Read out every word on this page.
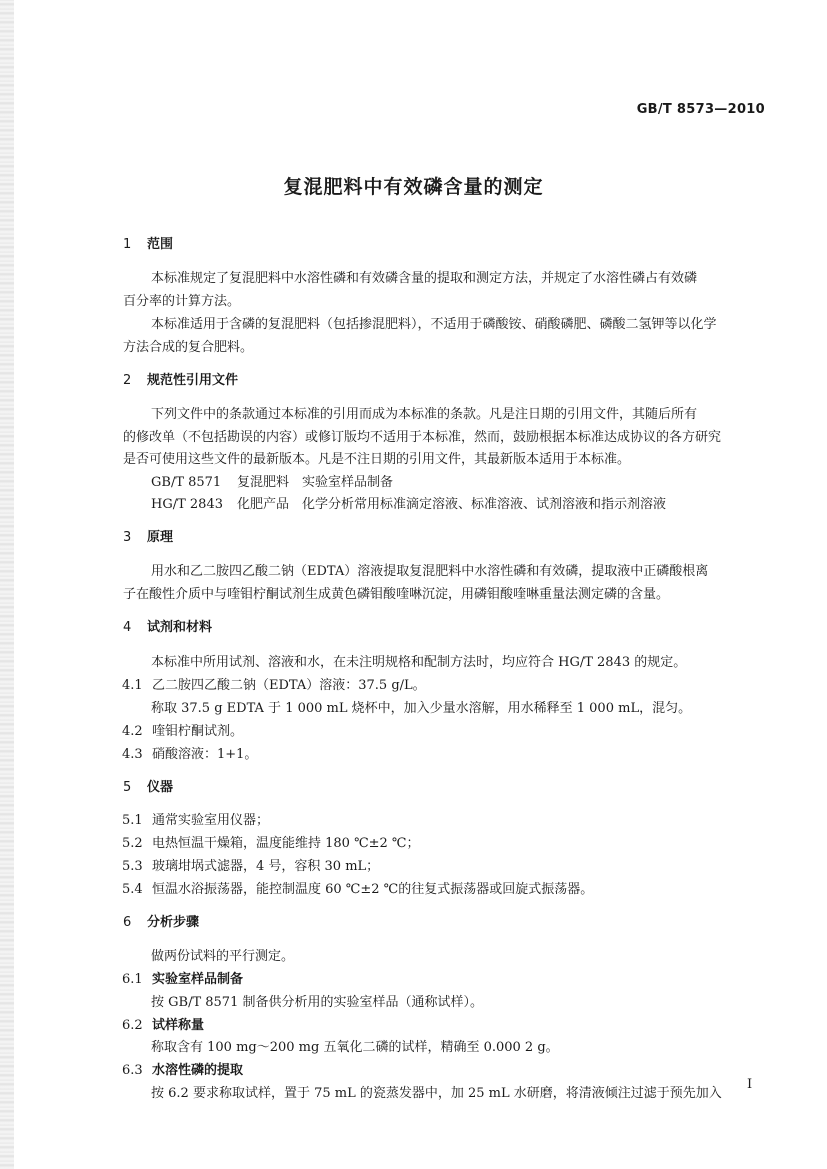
GB/T 8573—2010
复混肥料中有效磷含量的测定
1 范围
本标准规定了复混肥料中水溶性磷和有效磷含量的提取和测定方法，并规定了水溶性磷占有效磷
百分率的计算方法。
本标准适用于含磷的复混肥料（包括掺混肥料），不适用于磷酸铵、硝酸磷肥、磷酸二氢钾等以化学
方法合成的复合肥料。
2 规范性引用文件
下列文件中的条款通过本标准的引用而成为本标准的条款。凡是注日期的引用文件，其随后所有
的修改单（不包括勘误的内容）或修订版均不适用于本标准，然而，鼓励根据本标准达成协议的各方研究
是否可使用这些文件的最新版本。凡是不注日期的引用文件，其最新版本适用于本标准。
GB/T 8571 复混肥料　实验室样品制备
HG/T 2843 化肥产品　化学分析常用标准滴定溶液、标准溶液、试剂溶液和指示剂溶液
3 原理
用水和乙二胺四乙酸二钠（EDTA）溶液提取复混肥料中水溶性磷和有效磷，提取液中正磷酸根离
子在酸性介质中与喹钼柠酮试剂生成黄色磷钼酸喹啉沉淀，用磷钼酸喹啉重量法测定磷的含量。
4 试剂和材料
本标准中所用试剂、溶液和水，在未注明规格和配制方法时，均应符合 HG/T 2843 的规定。
4.1 乙二胺四乙酸二钠（EDTA）溶液：37.5 g/L。
称取 37.5 g EDTA 于 1 000 mL 烧杯中，加入少量水溶解，用水稀释至 1 000 mL，混匀。
4.2 喹钼柠酮试剂。
4.3 硝酸溶液：1+1。
5 仪器
5.1 通常实验室用仪器；
5.2 电热恒温干燥箱，温度能维持 180 ℃±2 ℃；
5.3 玻璃坩埚式滤器，4 号，容积 30 mL；
5.4 恒温水浴振荡器，能控制温度 60 ℃±2 ℃的往复式振荡器或回旋式振荡器。
6 分析步骤
做两份试料的平行测定。
6.1 实验室样品制备
按 GB/T 8571 制备供分析用的实验室样品（通称试样）。
6.2 试样称量
称取含有 100 mg～200 mg 五氧化二磷的试样，精确至 0.000 2 g。
6.3 水溶性磷的提取
按 6.2 要求称取试样，置于 75 mL 的瓷蒸发器中，加 25 mL 水研磨，将清液倾注过滤于预先加入
I
